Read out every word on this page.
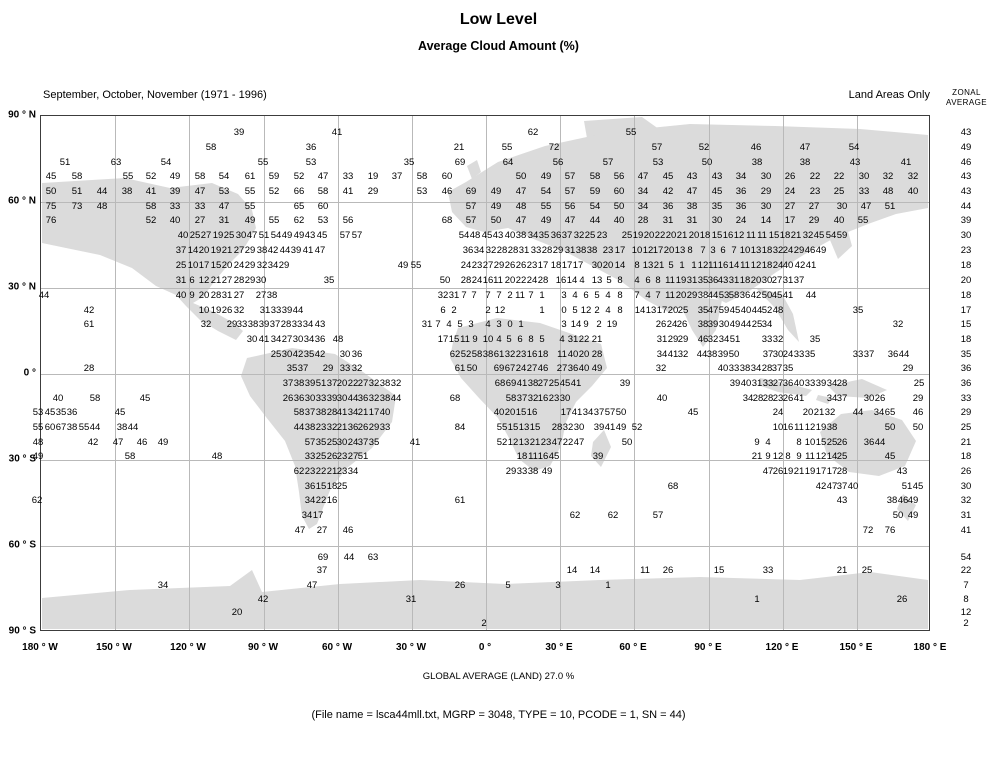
Low Level
Average Cloud Amount (%)
September, October, November (1971 - 1996)	Land Areas Only	ZONAL
AVERAGE
39	41	62	55	43
58	36	21	55	72	57	52	46	47	54	49
51	63	54	55	53	35	69	64	56	57	53	50	38	38	43	41	46
45 58	55 52 49 58 54 61 59 52 47 33 19 37 58 60	50 49 57 58 56 47 45 43 43 34 30 26 22 22 30 32 32	43
50 51 44 38 41 39 47 53 55 52 66 58 41 29	53 46 69 49 47 54 57 59 60 34 42 47 45 36 29 24 23 25 33 48 40	43
75 73 48	58 33 33 47 55	65 60	57 49 48 55 56 54 50 34 36 38 35 36 30 27 27 30 47 51	44
76	52 40 27 31 49 55 62 53 56	68 57 50 47 49 47 44 40 28 31 31 30 24 14 17 29 40 55	39
40 25 27 19 25 30 47 51 54 49 49 43 45 57 57	54 48 45 43 40 38 34 35 36 37 32 25 23 25 19 20 22 20 21 20 18 15 16 12 11 11 15 18 21 32 45 54 59	30
37 14 20 19 21 27 29 38 42 44 39 41 47	36 34 32 28 28 31 33 28 29 31 38 38 23 17 10 12 17 20 13 8 7 3 6 7 10 13 18 32 24 29 46 49	23
25 10 17 15 20 24 29 32 34 29	49 55	24 23 27 29 26 26 23 17 18 17 17 30 20 14 8 13 21 5 1 1 12 11 16 14 11 12 18 24 40 42 41	18
31 6 12 21 27 28 29 30	35	50 28 24 16 11 20 22 24 28 16 14 4 13 5 8 4 6 8 11 19 31 35 36 43 31 18 20 30 27 31 37	20
44	40 9 20 28 31 27 27 38	32 31 7 7 7 7 2 11 7 1 3 4 6 5 4 8 7 4 7 11 20 29 38 44 53 58 36 42 50 45 41 44	18
42	10 19 26 32 31 33 39 44	6 2	2 12	1 0 5 12 2 4 8 14 13 17 20 25 35 47 59 45 40 44 52 48	35	17
61	32 29 33 38 39 37 28 33 34 43	31 7 4 5 3 4 3 0 1	3 14 9 2 19	26 24 26 38 39 30 49 44 25 34	32	15
30 41 34 27 30 34 36 48	17 15 11 9 10 4 5 6 8 5 4 31 22 21	31 29 29 46 32 34 51 33 32	35	18
25 30 42 35 42 30 36	62 52 58 38 61 32 23 16 18 11 40 20 28	34 41 32 44 38 39 50 37 30 24 33 35	33 37 36 44	35
28	35 37 29 33 32	61 50 69 67 24 27 46 27 36 40 49	32	40 33 38 34 28 37 35	29	36
37 38 39 51 37 20 22 27 32 38 32	68 69 41 38 27 25 45 41	39	39 40 31 33 27 36 40 33 39 34 28	25	36
40	58	45	26 36 30 33 39 30 44 36 32 38 44	68	58 37 32 16 23 30	40	34 28 28 23 26 41 34 37 30 26	29	33
53 45 35 36	45	58 37 38 28 41 34 21 17 40	40 20 15 16 17 41 34 37 57 50	45	24 20 21 32 44 34 65 46	29
55 60 67 38 55 44 38 44	44 38 23 32 21 36 26 29 33	84	55 15 13 15 28 32 30 39 41 49 52	10 16 11 12 19 38	50 50	25
48	42 47 46 49	57 35 25 30 24 37 35	41	52 12 13 21 23 47 22 47	50	9 4	8 10 15 25 26 36 44	21
49	58	48	33 25 26 23 27 51	18 11 16 45	39	21 9 12 8 9 11 12 14 25	45	18
62 23 22 21 23 34	29 33 38 49	47 26 19 21 19 17 17 28	43	26
36 15 18 25	68	42 47 37 40	51 45	30
62	34 22 16	61	43	38 46 49	32
34 17	62	62	57	50 49	31
47 27 46	72 76	41
69 44 63	54
37	14 14	11 26	15	33	21 25	22
34	47	26	5	3	1	7
42	31	1	26	8
20	12
2	2
90 ° N
60 ° N
30 ° N
0 °
30 ° S
60 ° S
90 ° S
180 ° W	150 ° W	120 ° W	90 ° W	60 ° W	30 ° W	0 °	30 ° E	60 ° E	90 ° E	120 ° E	150 ° E	180 ° E
GLOBAL AVERAGE (LAND) 27.0 %
(File name = lsca44mll.txt, MGRP = 3048, TYPE = 10, PCODE = 1, SN = 44)
